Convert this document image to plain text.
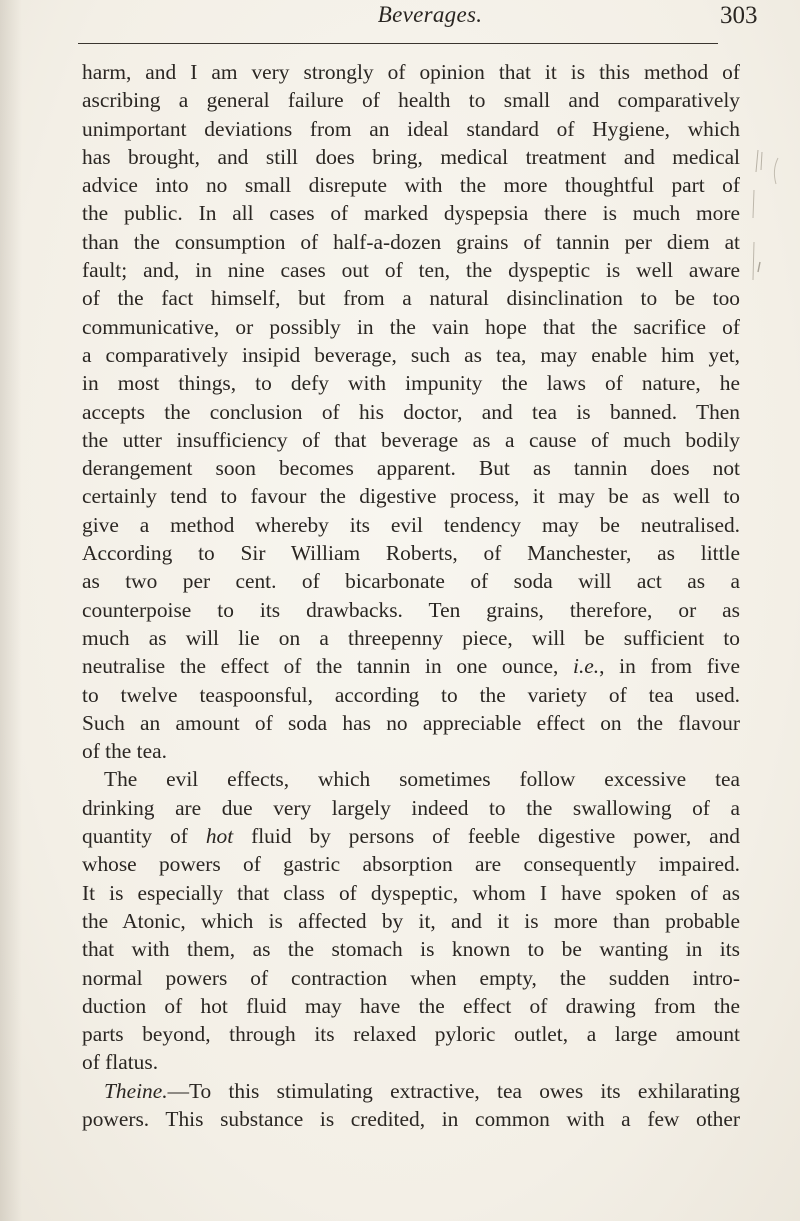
Beverages.	303
harm, and I am very strongly of opinion that it is this method of
ascribing a general failure of health to small and comparatively
unimportant deviations from an ideal standard of Hygiene, which
has brought, and still does bring, medical treatment and medical
advice into no small disrepute with the more thoughtful part of
the public. In all cases of marked dyspepsia there is much more
than the consumption of half-a-dozen grains of tannin per diem at
fault; and, in nine cases out of ten, the dyspeptic is well aware
of the fact himself, but from a natural disinclination to be too
communicative, or possibly in the vain hope that the sacrifice of
a comparatively insipid beverage, such as tea, may enable him yet,
in most things, to defy with impunity the laws of nature, he
accepts the conclusion of his doctor, and tea is banned. Then
the utter insufficiency of that beverage as a cause of much bodily
derangement soon becomes apparent. But as tannin does not
certainly tend to favour the digestive process, it may be as well to
give a method whereby its evil tendency may be neutralised.
According to Sir William Roberts, of Manchester, as little
as two per cent. of bicarbonate of soda will act as a
counterpoise to its drawbacks. Ten grains, therefore, or as
much as will lie on a threepenny piece, will be sufficient to
neutralise the effect of the tannin in one ounce, i.e., in from five
to twelve teaspoonsful, according to the variety of tea used.
Such an amount of soda has no appreciable effect on the flavour
of the tea.
The evil effects, which sometimes follow excessive tea
drinking are due very largely indeed to the swallowing of a
quantity of hot fluid by persons of feeble digestive power, and
whose powers of gastric absorption are consequently impaired.
It is especially that class of dyspeptic, whom I have spoken of as
the Atonic, which is affected by it, and it is more than probable
that with them, as the stomach is known to be wanting in its
normal powers of contraction when empty, the sudden intro-
duction of hot fluid may have the effect of drawing from the
parts beyond, through its relaxed pyloric outlet, a large amount
of flatus.
Theine.—To this stimulating extractive, tea owes its exhilarating
powers. This substance is credited, in common with a few other
